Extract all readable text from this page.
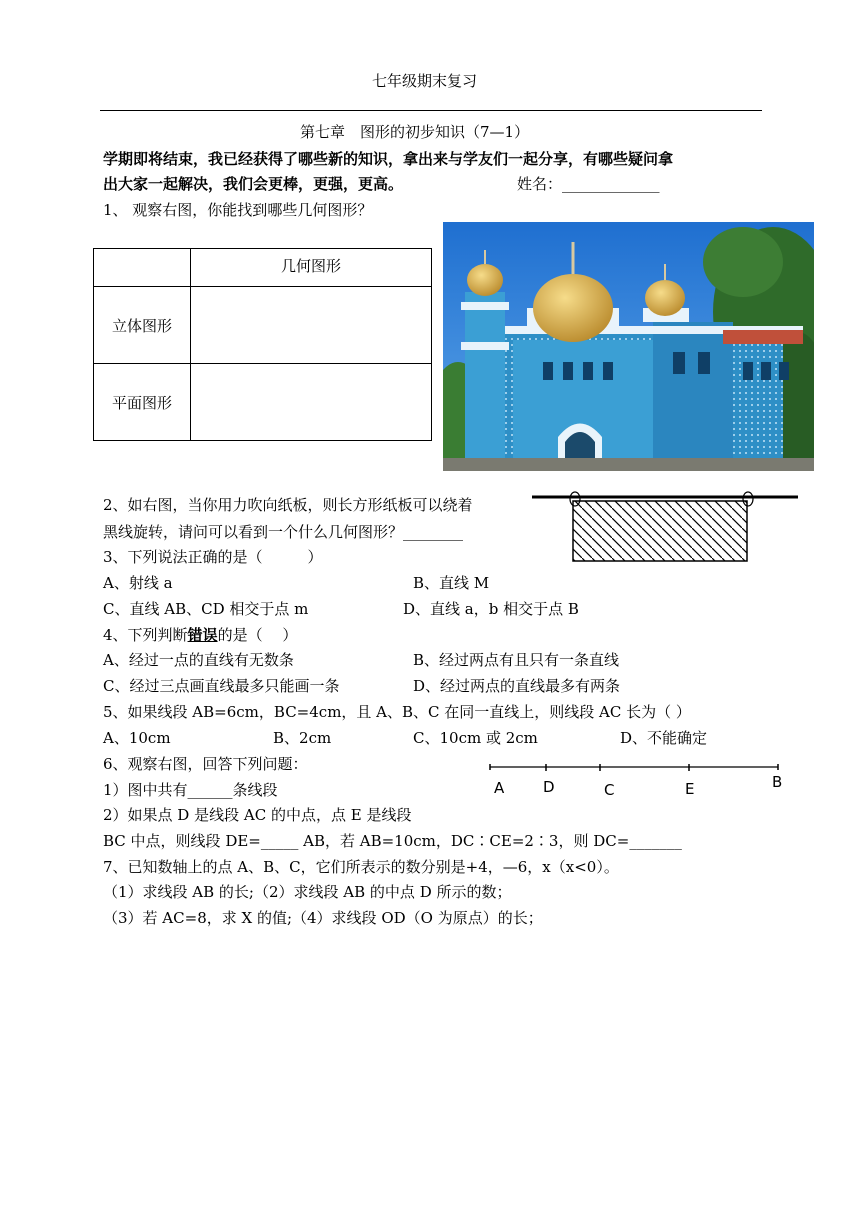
七年级期末复习
第七章　图形的初步知识（7—1）
学期即将结束，我已经获得了哪些新的知识，拿出来与学友们一起分享，有哪些疑问拿
出大家一起解决，我们会更棒，更强，更高。	姓名：_____________
1、 观察右图，你能找到哪些几何图形？
	几何图形
立体图形	
平面图形	
2、如右图，当你用力吹向纸板，则长方形纸板可以绕着
黑线旋转，请问可以看到一个什么几何图形？________
3、下列说法正确的是（　　　）
A、射线 a	B、直线 M
C、直线 AB、CD 相交于点 m	D、直线 a，b 相交于点 B
4、下列判断错误的是（　 ）
A、经过一点的直线有无数条	B、经过两点有且只有一条直线
C、经过三点画直线最多只能画一条	D、经过两点的直线最多有两条
5、如果线段 AB=6cm，BC=4cm，且 A、B、C 在同一直线上，则线段 AC 长为（ ）
A、10cm	B、2cm	C、10cm 或 2cm	D、不能确定
6、观察右图，回答下列问题：
1）图中共有______条线段
2）如果点 D 是线段 AC 的中点，点 E 是线段
BC 中点，则线段 DE=_____ AB，若 AB=10cm，DC∶CE=2∶3，则 DC=_______
A	D	C	E	B
7、已知数轴上的点 A、B、C，它们所表示的数分别是+4，—6，x（x<0）。
（1）求线段 AB 的长;（2）求线段 AB 的中点 D 所示的数；
（3）若 AC=8，求 X 的值;（4）求线段 OD（O 为原点）的长；
